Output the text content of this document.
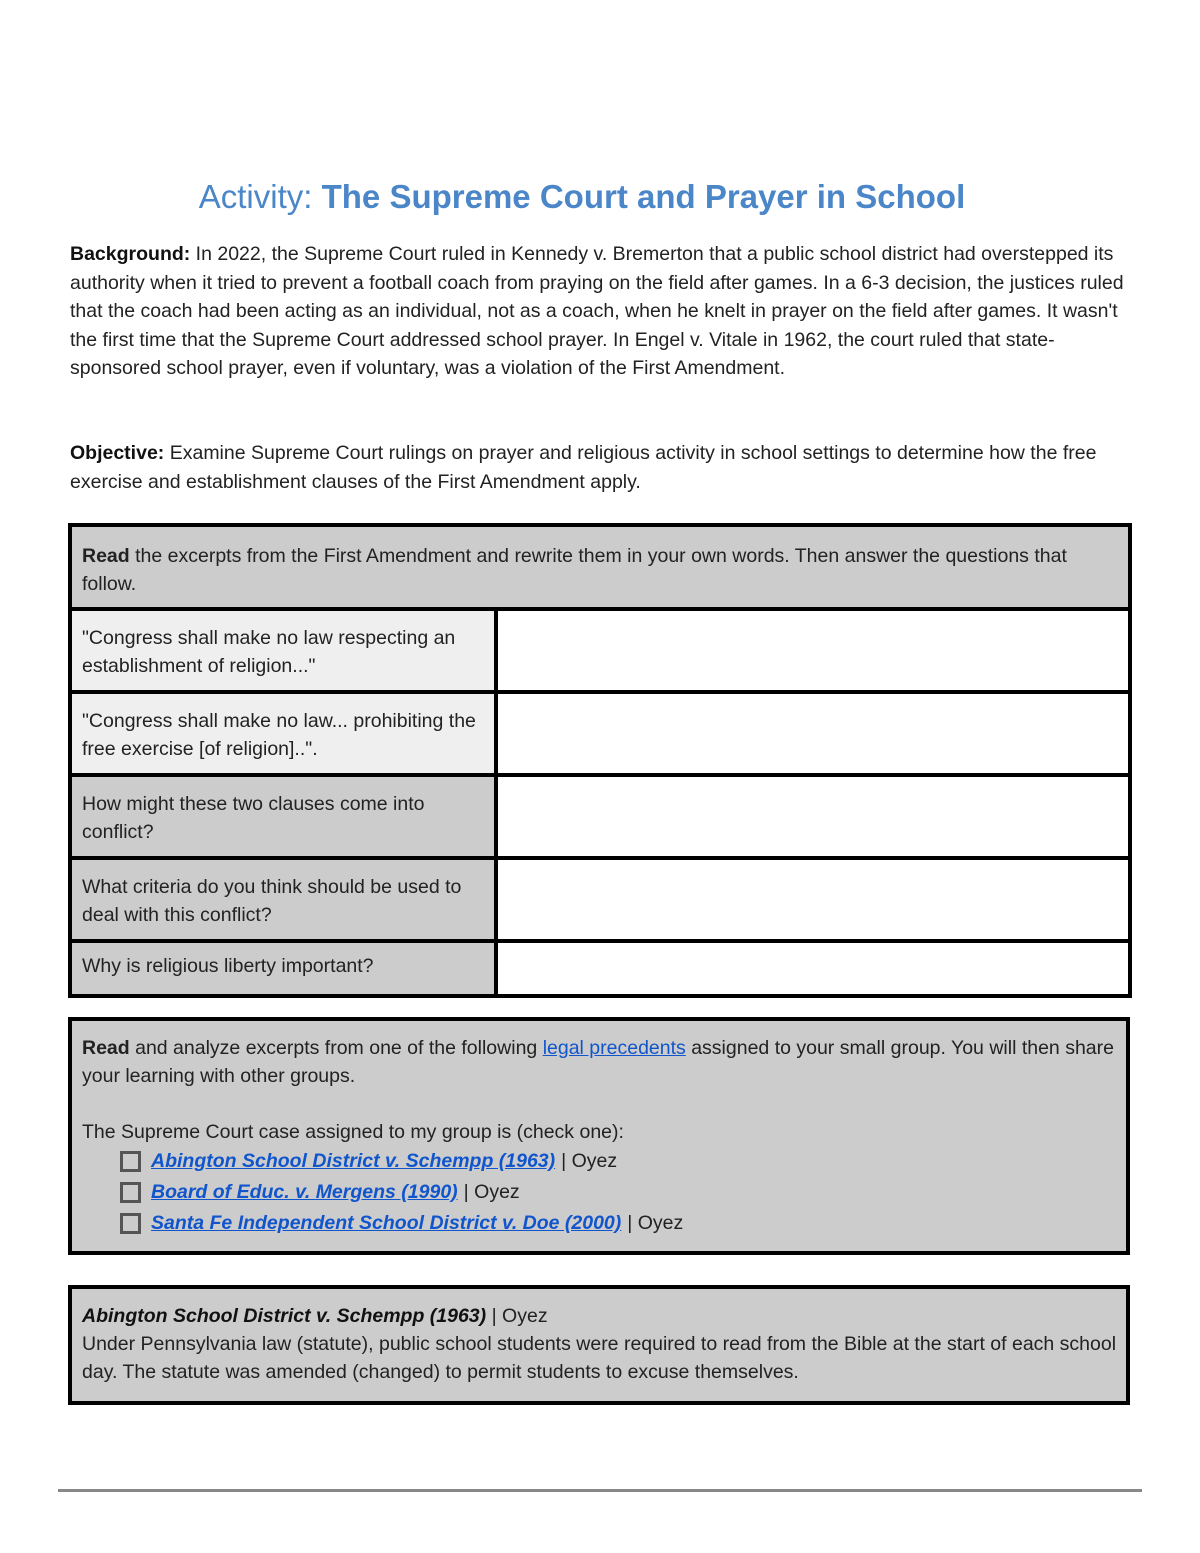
Activity: The Supreme Court and Prayer in School
Background: In 2022, the Supreme Court ruled in Kennedy v. Bremerton that a public school district had overstepped its authority when it tried to prevent a football coach from praying on the field after games. In a 6-3 decision, the justices ruled that the coach had been acting as an individual, not as a coach, when he knelt in prayer on the field after games. It wasn't the first time that the Supreme Court addressed school prayer. In Engel v. Vitale in 1962, the court ruled that state-sponsored school prayer, even if voluntary, was a violation of the First Amendment.
Objective: Examine Supreme Court rulings on prayer and religious activity in school settings to determine how the free exercise and establishment clauses of the First Amendment apply.
Read the excerpts from the First Amendment and rewrite them in your own words. Then answer the questions that follow.	
"Congress shall make no law respecting an establishment of religion..."	
"Congress shall make no law... prohibiting the free exercise [of religion]..".	
How might these two clauses come into conflict?	
What criteria do you think should be used to deal with this conflict?	
Why is religious liberty important?	
Read and analyze excerpts from one of the following legal precedents assigned to your small group. You will then share your learning with other groups.
The Supreme Court case assigned to my group is (check one):
Abington School District v. Schempp (1963) | Oyez
Board of Educ. v. Mergens (1990) | Oyez
Santa Fe Independent School District v. Doe (2000) | Oyez
Abington School District v. Schempp (1963) | Oyez
Under Pennsylvania law (statute), public school students were required to read from the Bible at the start of each school day. The statute was amended (changed) to permit students to excuse themselves.
